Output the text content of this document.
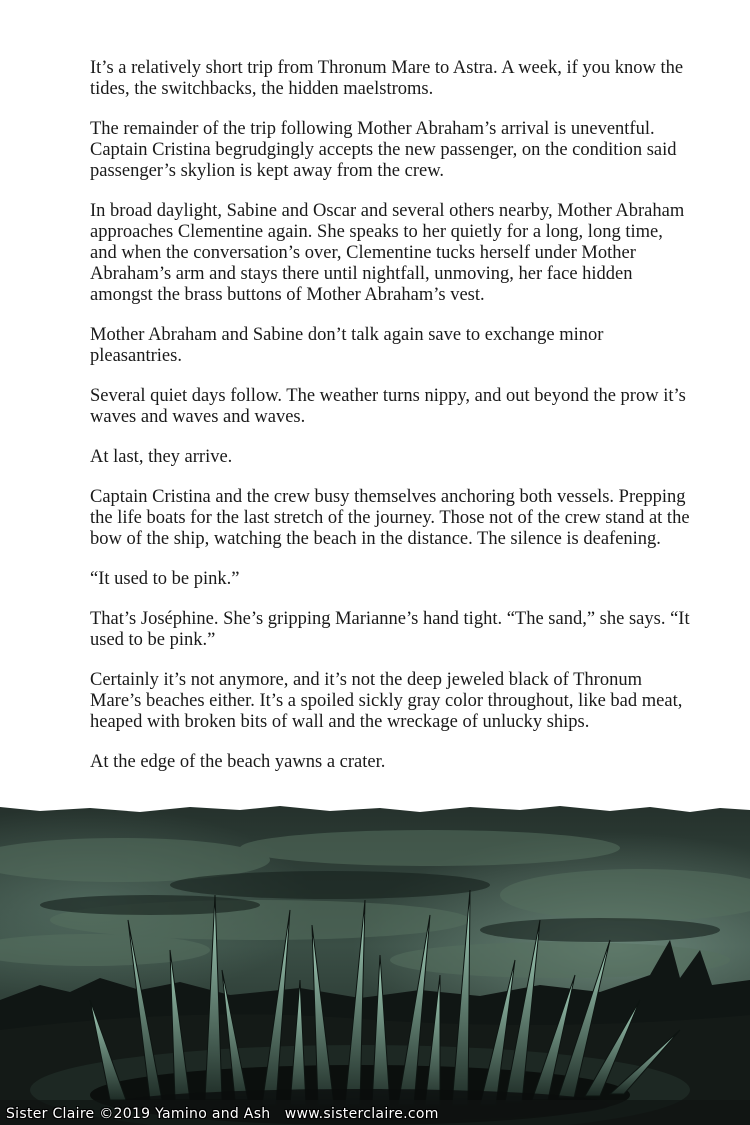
It’s a relatively short trip from Thronum Mare to Astra. A week, if you know the tides, the switchbacks, the hidden maelstroms.

The remainder of the trip following Mother Abraham’s arrival is uneventful. Captain Cristina begrudgingly accepts the new passenger, on the condition said passenger’s skylion is kept away from the crew.

In broad daylight, Sabine and Oscar and several others nearby, Mother Abraham approaches Clementine again. She speaks to her quietly for a long, long time, and when the conversation’s over, Clementine tucks herself under Mother Abraham’s arm and stays there until nightfall, unmoving, her face hidden amongst the brass buttons of Mother Abraham’s vest.

Mother Abraham and Sabine don’t talk again save to exchange minor pleasantries.

Several quiet days follow. The weather turns nippy, and out beyond the prow it’s waves and waves and waves.

At last, they arrive.

Captain Cristina and the crew busy themselves anchoring both vessels. Prepping the life boats for the last stretch of the journey. Those not of the crew stand at the bow of the ship, watching the beach in the distance. The silence is deafening.

“It used to be pink.”

That’s Joséphine. She’s gripping Marianne’s hand tight. “The sand,” she says. “It used to be pink.”

Certainly it’s not anymore, and it’s not the deep jeweled black of Thronum Mare’s beaches either. It’s a spoiled sickly gray color throughout, like bad meat, heaped with broken bits of wall and the wreckage of unlucky ships.

At the edge of the beach yawns a crater.

Sister Claire ©2019 Yamino and Ash   www.sisterclaire.com
